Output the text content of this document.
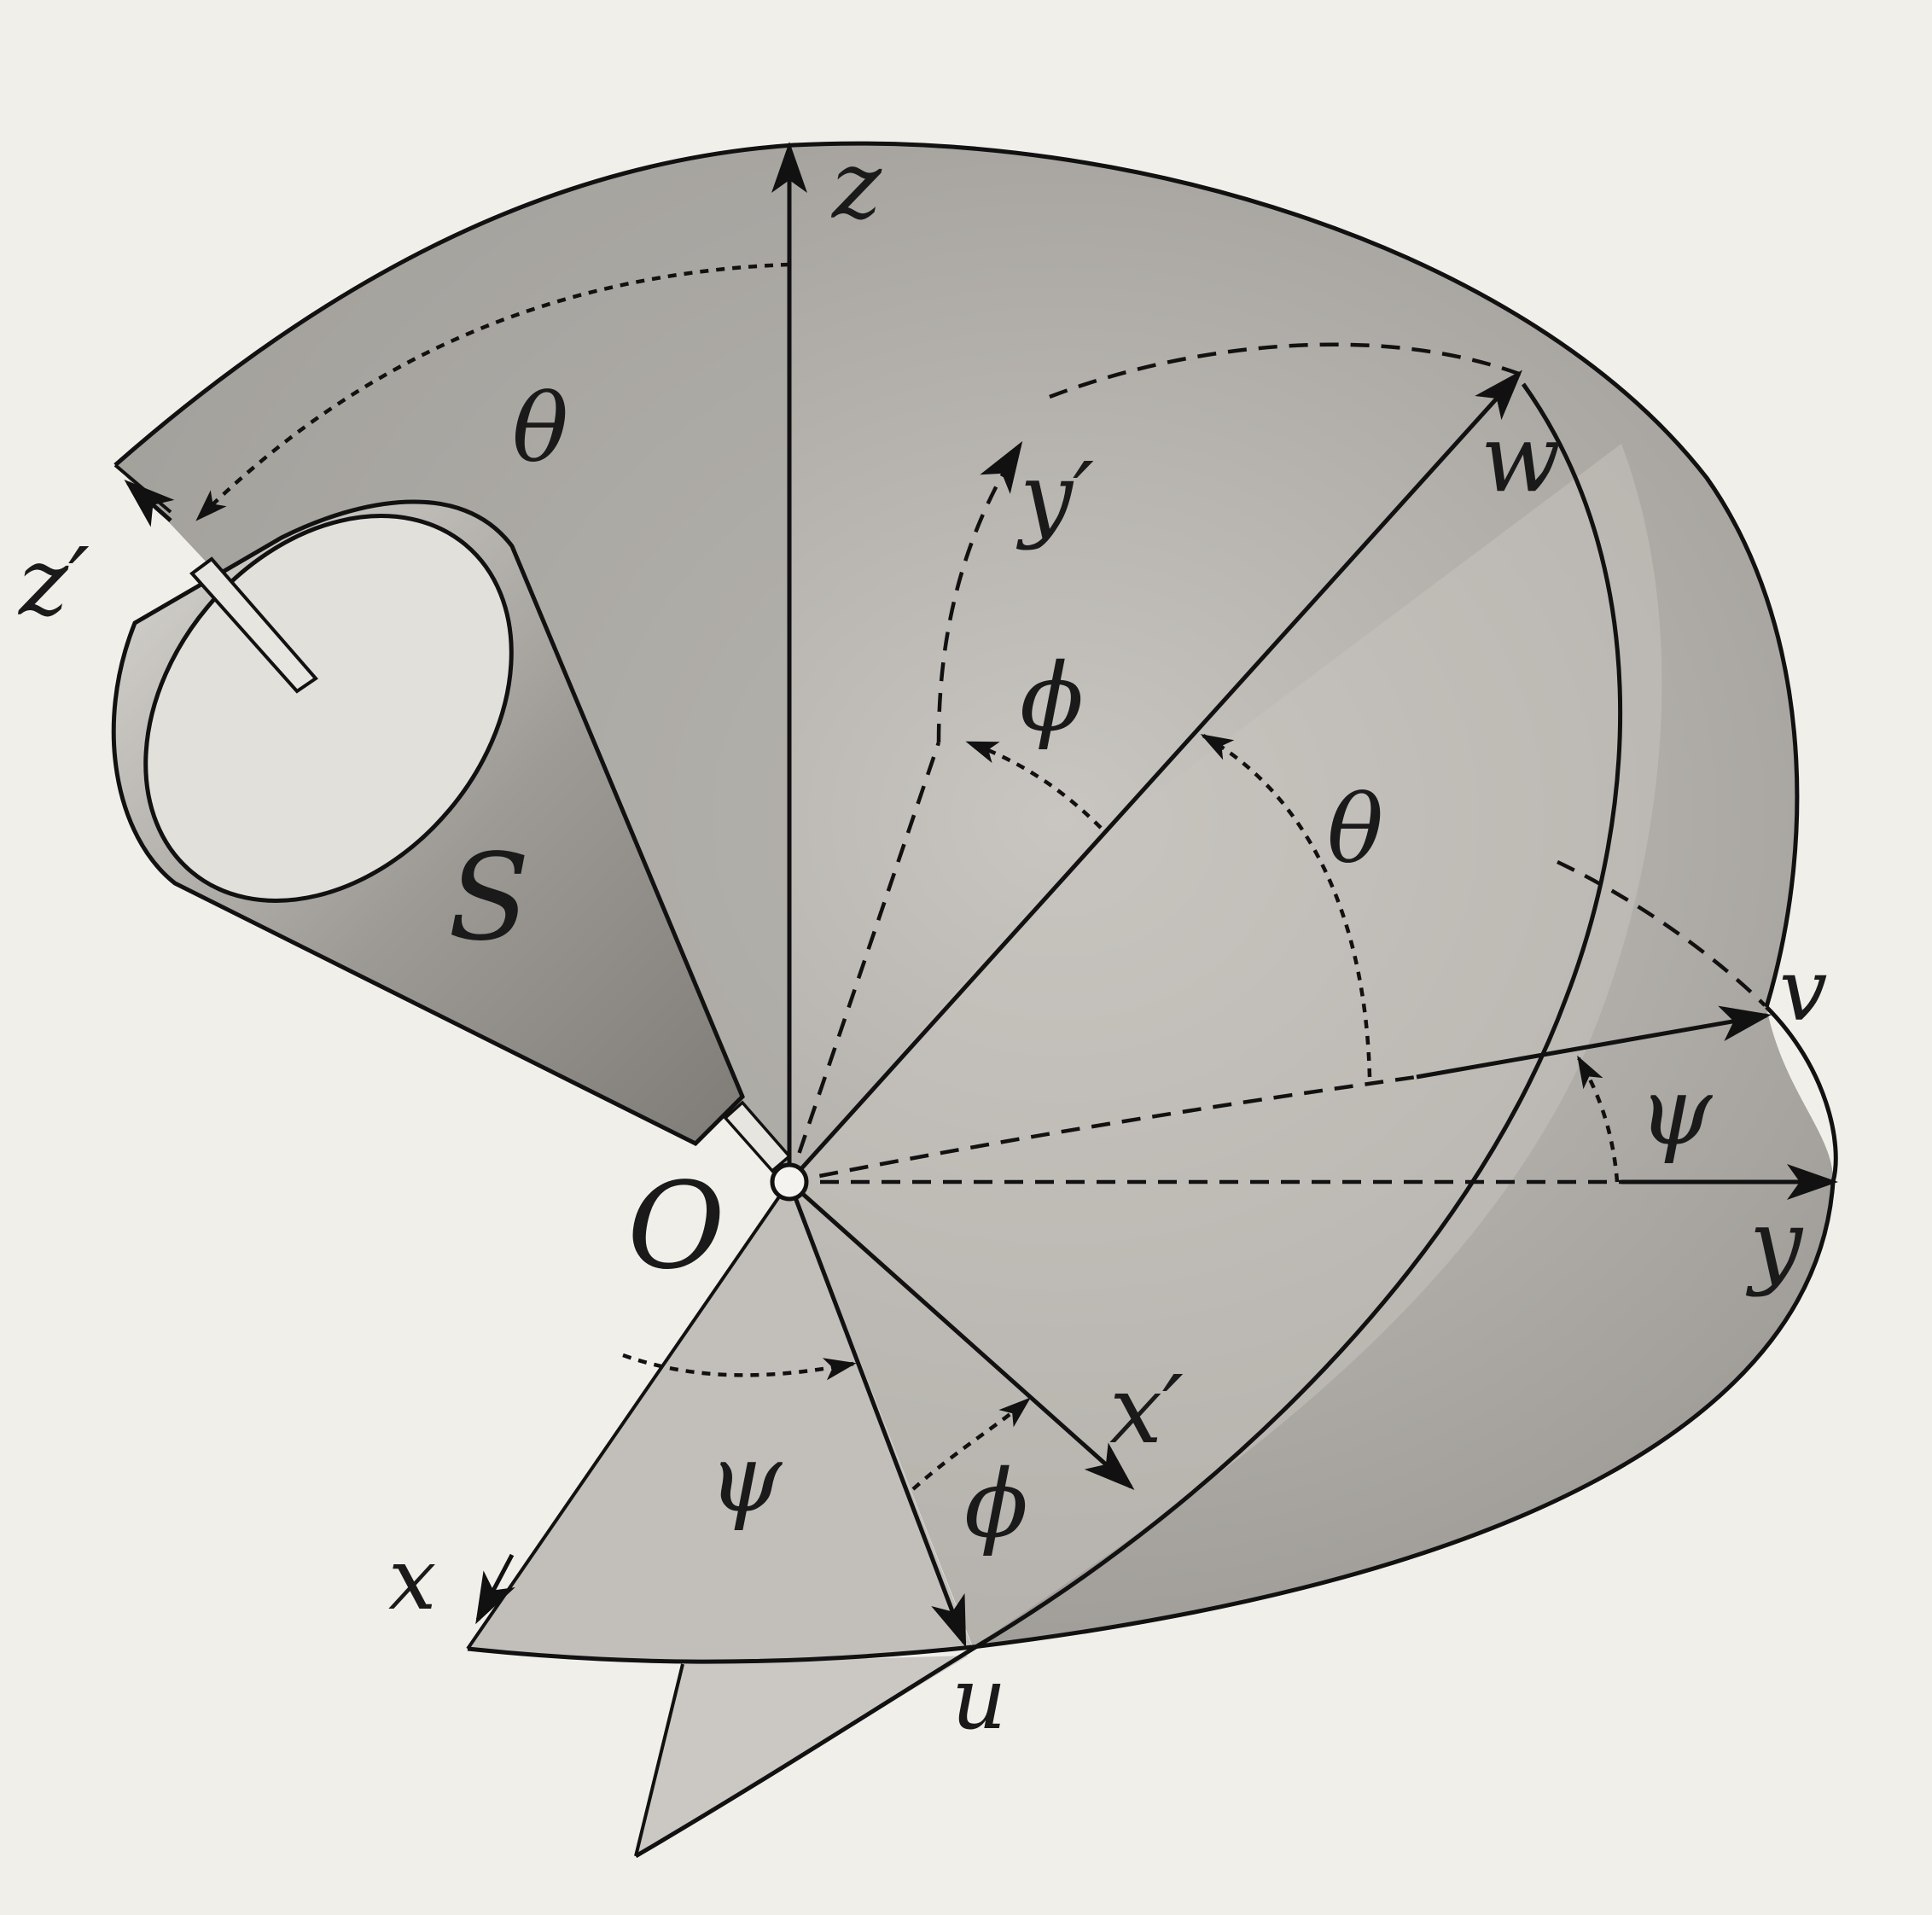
z
z′
θ
y′	w
ϕ
θ
S
v
ψ
y
O
x′
ψ ϕ
x
u
